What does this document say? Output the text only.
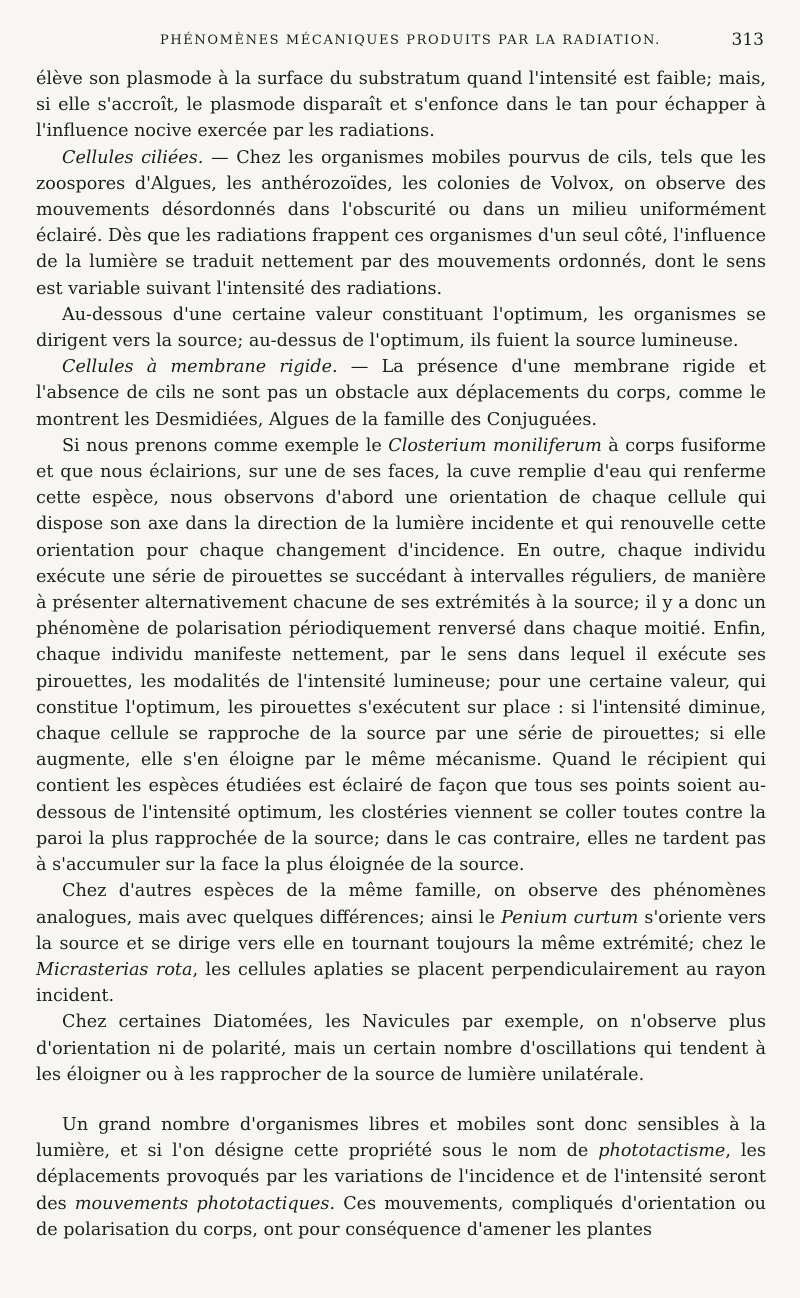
PHÉNOMÈNES MÉCANIQUES PRODUITS PAR LA RADIATION.	313

élève son plasmode à la surface du substratum quand l'intensité est faible; mais, si elle s'accroît, le plasmode disparaît et s'enfonce dans le tan pour échapper à l'influence nocive exercée par les radiations.

Cellules ciliées. — Chez les organismes mobiles pourvus de cils, tels que les zoospores d'Algues, les anthérozoïdes, les colonies de Volvox, on observe des mouvements désordonnés dans l'obscurité ou dans un milieu uniformément éclairé. Dès que les radiations frappent ces organismes d'un seul côté, l'influence de la lumière se traduit nettement par des mouvements ordonnés, dont le sens est variable suivant l'intensité des radiations.

Au-dessous d'une certaine valeur constituant l'optimum, les organismes se dirigent vers la source; au-dessus de l'optimum, ils fuient la source lumineuse.

Cellules à membrane rigide. — La présence d'une membrane rigide et l'absence de cils ne sont pas un obstacle aux déplacements du corps, comme le montrent les Desmidiées, Algues de la famille des Conjuguées.

Si nous prenons comme exemple le Closterium moniliferum à corps fusiforme et que nous éclairions, sur une de ses faces, la cuve remplie d'eau qui renferme cette espèce, nous observons d'abord une orientation de chaque cellule qui dispose son axe dans la direction de la lumière incidente et qui renouvelle cette orientation pour chaque changement d'incidence. En outre, chaque individu exécute une série de pirouettes se succédant à intervalles réguliers, de manière à présenter alternativement chacune de ses extrémités à la source; il y a donc un phénomène de polarisation périodiquement renversé dans chaque moitié. Enfin, chaque individu manifeste nettement, par le sens dans lequel il exécute ses pirouettes, les modalités de l'intensité lumineuse; pour une certaine valeur, qui constitue l'optimum, les pirouettes s'exécutent sur place : si l'intensité diminue, chaque cellule se rapproche de la source par une série de pirouettes; si elle augmente, elle s'en éloigne par le même mécanisme. Quand le récipient qui contient les espèces étudiées est éclairé de façon que tous ses points soient au-dessous de l'intensité optimum, les clostéries viennent se coller toutes contre la paroi la plus rapprochée de la source; dans le cas contraire, elles ne tardent pas à s'accumuler sur la face la plus éloignée de la source.

Chez d'autres espèces de la même famille, on observe des phénomènes analogues, mais avec quelques différences; ainsi le Penium curtum s'oriente vers la source et se dirige vers elle en tournant toujours la même extrémité; chez le Micrasterias rota, les cellules aplaties se placent perpendiculairement au rayon incident.

Chez certaines Diatomées, les Navicules par exemple, on n'observe plus d'orientation ni de polarité, mais un certain nombre d'oscillations qui tendent à les éloigner ou à les rapprocher de la source de lumière unilatérale.

Un grand nombre d'organismes libres et mobiles sont donc sensibles à la lumière, et si l'on désigne cette propriété sous le nom de phototactisme, les déplacements provoqués par les variations de l'incidence et de l'intensité seront des mouvements phototactiques. Ces mouvements, compliqués d'orientation ou de polarisation du corps, ont pour conséquence d'amener les plantes
